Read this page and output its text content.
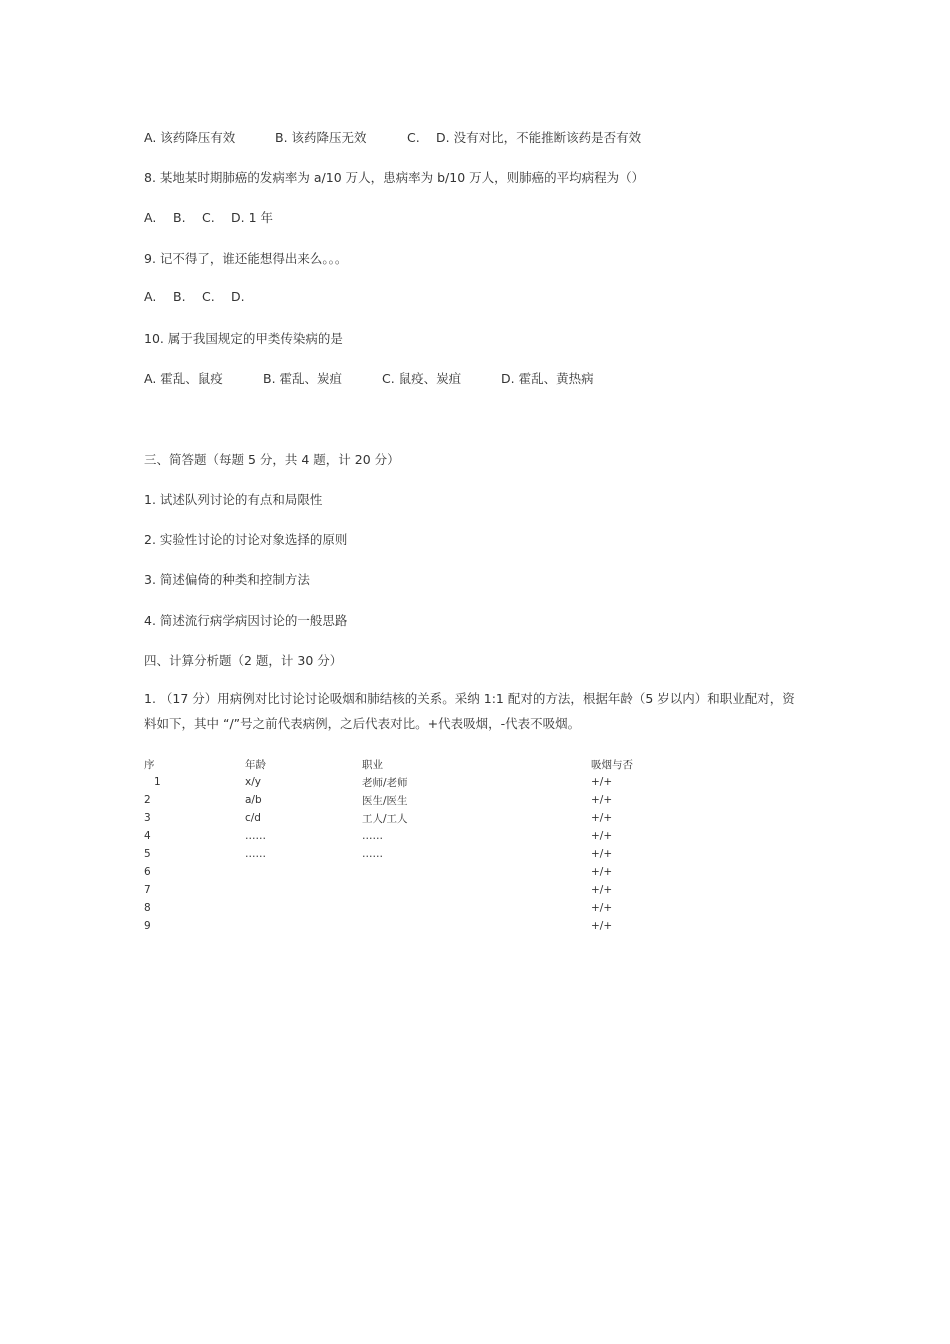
A. 该药降压有效	B. 该药降压无效	C. D. 没有对比，不能推断该药是否有效
8. 某地某时期肺癌的发病率为 a/10 万人，患病率为 b/10 万人，则肺癌的平均病程为（）
A. B. C. D. 1 年
9. 记不得了，谁还能想得出来么。。。
A. B. C. D.
10. 属于我国规定的甲类传染病的是
A. 霍乱、鼠疫	B. 霍乱、炭疽	C. 鼠疫、炭疽	D. 霍乱、黄热病
三、简答题（每题 5 分，共 4 题，计 20 分）
1. 试述队列讨论的有点和局限性
2. 实验性讨论的讨论对象选择的原则
3. 简述偏倚的种类和控制方法
4. 简述流行病学病因讨论的一般思路
四、计算分析题（2 题，计 30 分）
1. （17 分）用病例对比讨论讨论吸烟和肺结核的关系。采纳 1:1 配对的方法，根据年龄（5 岁以内）和职业配对，资料如下，其中 “/”号之前代表病例，之后代表对比。+代表吸烟，-代表不吸烟。
序	年龄	职业	吸烟与否
1	x/y	老师/老师	+/+
2	a/b	医生/医生	+/+
3	c/d	工人/工人	+/+
4	……	……	+/+
5	……	……	+/+
6			+/+
7			+/+
8			+/+
9			+/+
